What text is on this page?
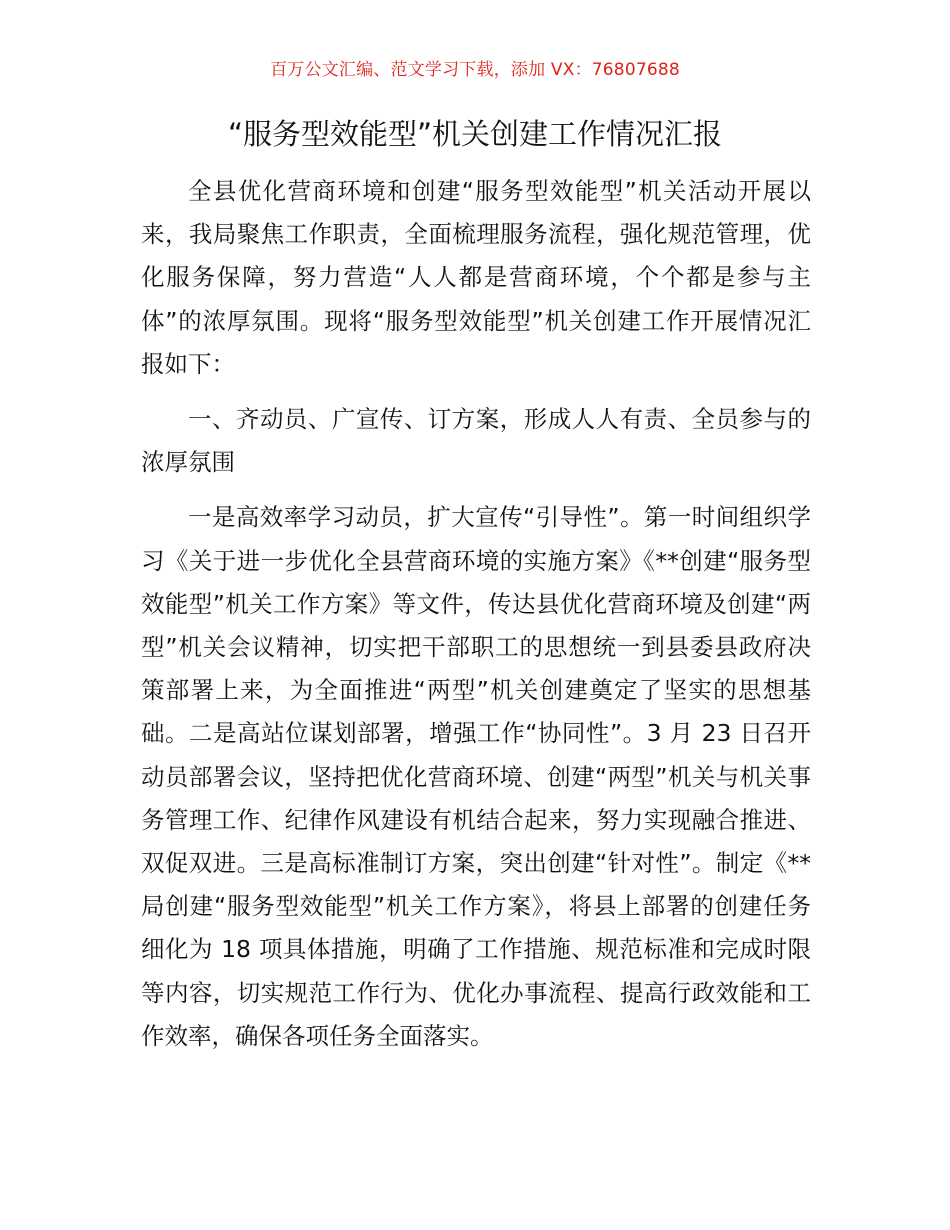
百万公文汇编、范文学习下载，添加 VX：76807688
“服务型效能型”机关创建工作情况汇报

全县优化营商环境和创建“服务型效能型”机关活动开展以来，我局聚焦工作职责，全面梳理服务流程，强化规范管理，优化服务保障，努力营造“人人都是营商环境，个个都是参与主体”的浓厚氛围。现将“服务型效能型”机关创建工作开展情况汇报如下：

一、齐动员、广宣传、订方案，形成人人有责、全员参与的浓厚氛围

一是高效率学习动员，扩大宣传“引导性”。第一时间组织学习《关于进一步优化全县营商环境的实施方案》《**创建“服务型效能型”机关工作方案》等文件，传达县优化营商环境及创建“两型”机关会议精神，切实把干部职工的思想统一到县委县政府决策部署上来，为全面推进“两型”机关创建奠定了坚实的思想基础。二是高站位谋划部署，增强工作“协同性”。3 月 23 日召开动员部署会议，坚持把优化营商环境、创建“两型”机关与机关事务管理工作、纪律作风建设有机结合起来，努力实现融合推进、双促双进。三是高标准制订方案，突出创建“针对性”。制定《**局创建“服务型效能型”机关工作方案》，将县上部署的创建任务细化为 18 项具体措施，明确了工作措施、规范标准和完成时限等内容，切实规范工作行为、优化办事流程、提高行政效能和工作效率，确保各项任务全面落实。
